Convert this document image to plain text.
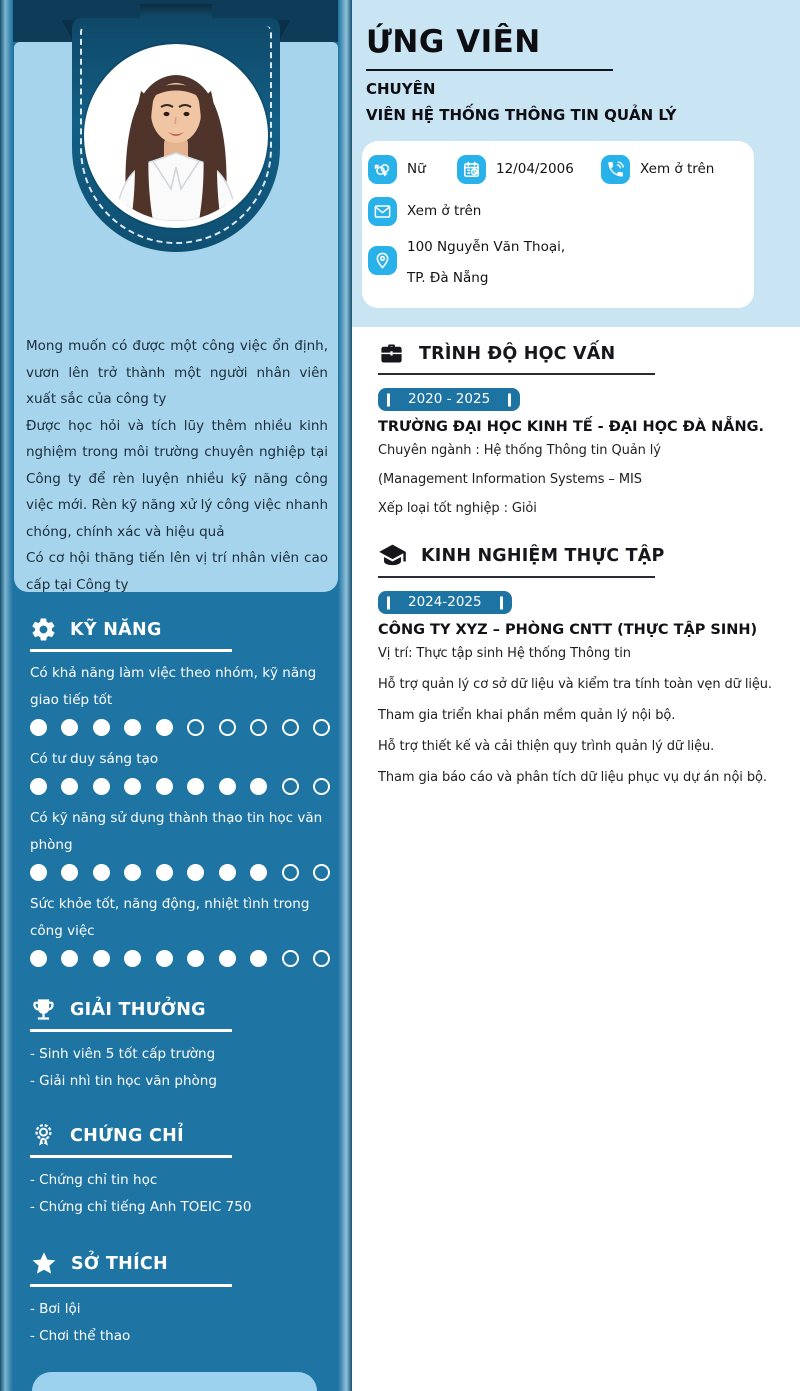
Mong muốn có được một công việc ổn định, vươn lên trở thành một người nhân viên xuất sắc của công ty

Được học hỏi và tích lũy thêm nhiều kinh nghiệm trong môi trường chuyên nghiệp tại Công ty để rèn luyện nhiều kỹ năng công việc mới. Rèn kỹ năng xử lý công việc nhanh chóng, chính xác và hiệu quả

Có cơ hội thăng tiến lên vị trí nhân viên cao cấp tại Công ty

KỸ NĂNG
Có khả năng làm việc theo nhóm, kỹ năng giao tiếp tốt
Có tư duy sáng tạo
Có kỹ năng sử dụng thành thạo tin học văn phòng
Sức khỏe tốt, năng động, nhiệt tình trong công việc
GIẢI THƯỞNG
- Sinh viên 5 tốt cấp trường
- Giải nhì tin học văn phòng
CHỨNG CHỈ
- Chứng chỉ tin học
- Chứng chỉ tiếng Anh TOEIC 750
SỞ THÍCH
- Bơi lội
- Chơi thể thao
ỨNG VIÊN
CHUYÊN
VIÊN HỆ THỐNG THÔNG TIN QUẢN LÝ
Nữ	12/04/2006	Xem ở trên
Xem ở trên
100 Nguyễn Văn Thoại,
TP. Đà Nẵng
TRÌNH ĐỘ HỌC VẤN
2020 - 2025
TRƯỜNG ĐẠI HỌC KINH TẾ - ĐẠI HỌC ĐÀ NẴNG.
Chuyên ngành : Hệ thống Thông tin Quản lý
(Management Information Systems – MIS
Xếp loại tốt nghiệp : Giỏi
KINH NGHIỆM THỰC TẬP
2024-2025
CÔNG TY XYZ – PHÒNG CNTT (THỰC TẬP SINH)
Vị trí: Thực tập sinh Hệ thống Thông tin
Hỗ trợ quản lý cơ sở dữ liệu và kiểm tra tính toàn vẹn dữ liệu.
Tham gia triển khai phần mềm quản lý nội bộ.
Hỗ trợ thiết kế và cải thiện quy trình quản lý dữ liệu.
Tham gia báo cáo và phân tích dữ liệu phục vụ dự án nội bộ.
